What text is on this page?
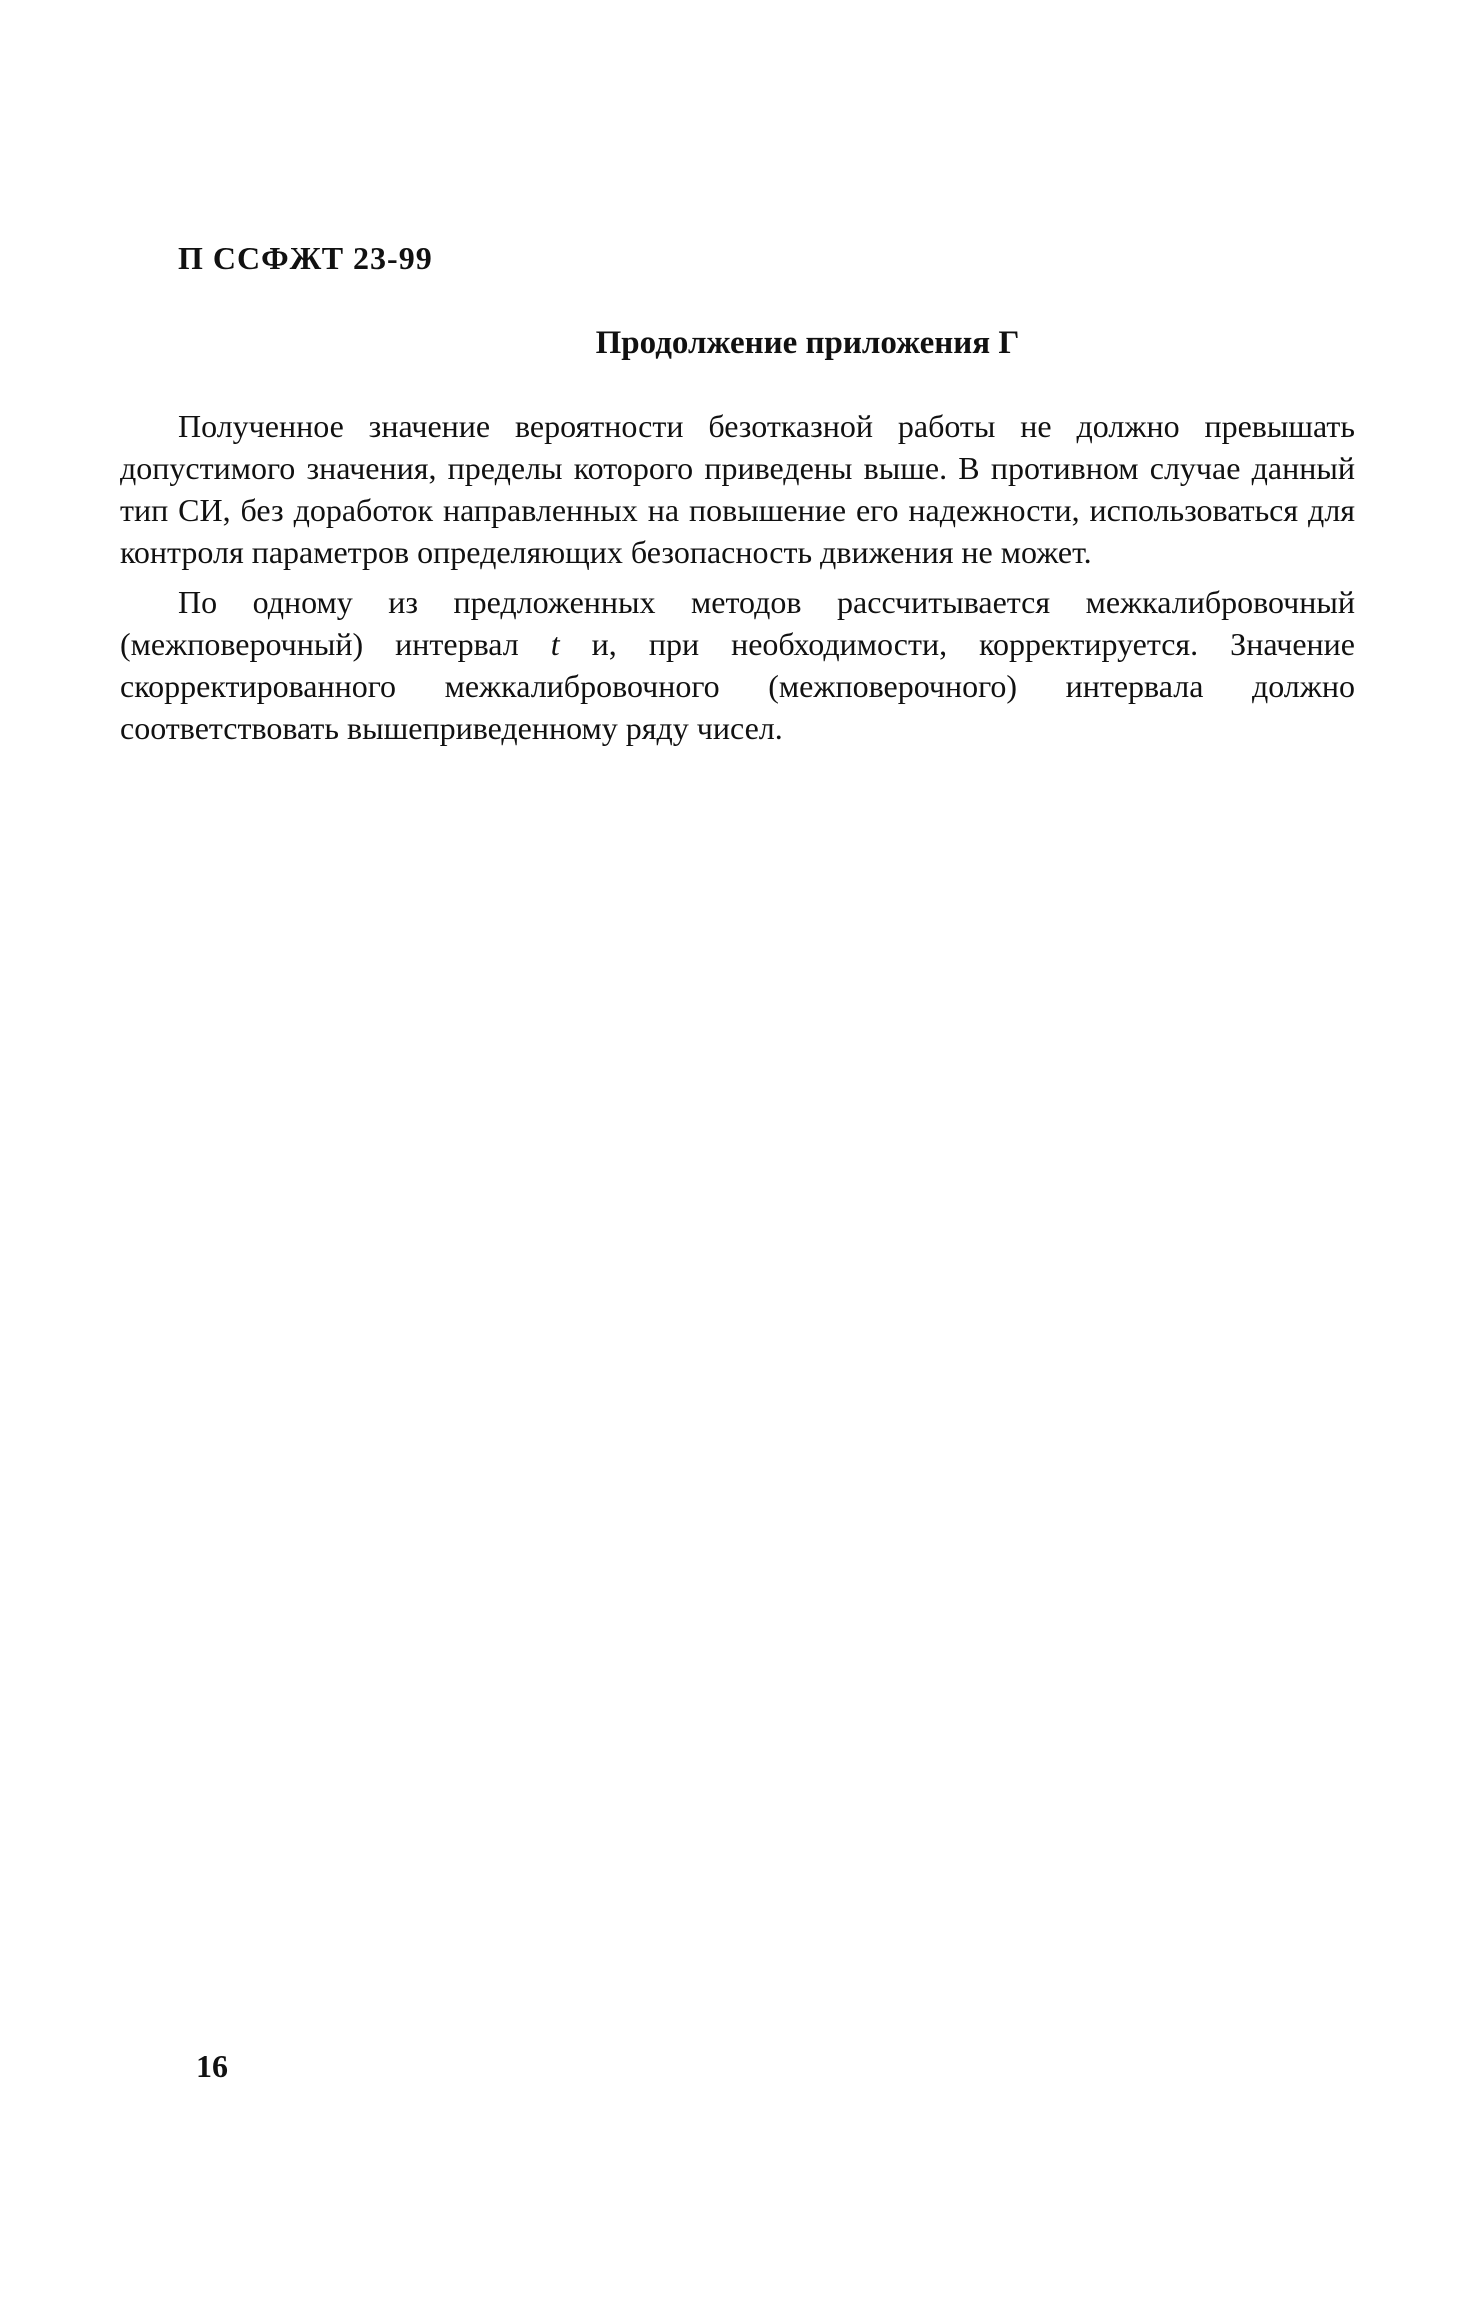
П ССФЖТ 23-99
Продолжение приложения Г

Полученное значение вероятности безотказной работы не должно превышать допустимого значения, пределы которого приведены выше. В противном случае данный тип СИ, без доработок направленных на повышение его надежности, использоваться для контроля параметров определяющих безопасность движения не может.

По одному из предложенных методов рассчитывается межкалибровочный (межповерочный) интервал t и, при необходимости, корректируется. Значение скорректированного межкалибровочного (межповерочного) интервала должно соответствовать вышеприведенному ряду чисел.

16
